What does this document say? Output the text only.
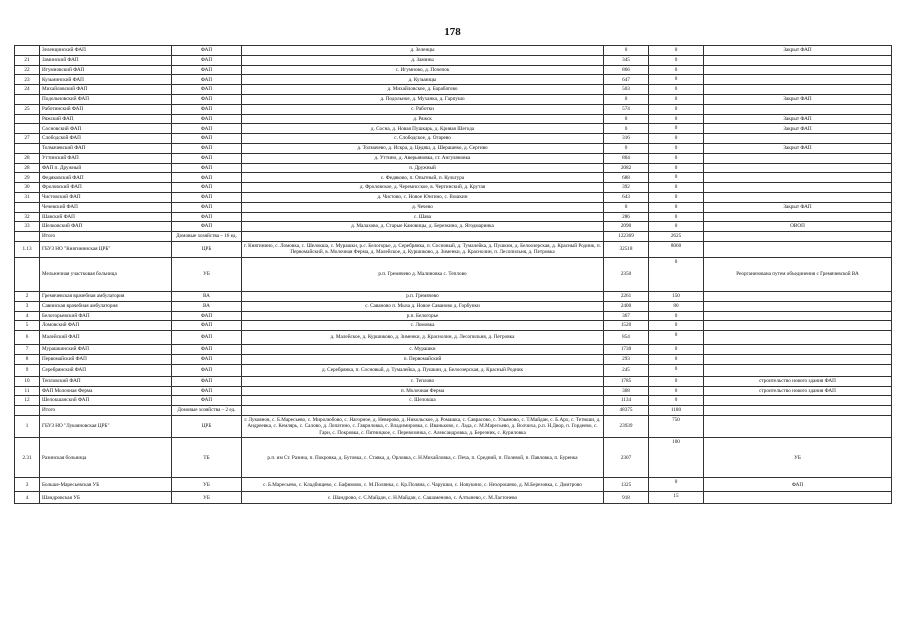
178
	Зеленцинский ФАП	ФАП	д. Зеленцы	0	0	Закрыт ФАП
21	Заминский ФАП	ФАП	д. Замины	345	0	
22	Игумновский ФАП	ФАП	с. Игумново, д. Почепок	866	0	
23	Кузьминский ФАП	ФАП	д. Кузьмицы	647	0	
24	Михайловский ФАП	ФАП	д. Михайловское, д. Барабатово	503	0	
	Подольновский ФАП	ФАП	д. Подольное, д. Муханка, д. Гарпушо	0	0	Закрыт ФАП
25	Работинский ФАП	ФАП	с. Работки	574	0	
	Ряжский ФАП	ФАП	д. Ряжск	0	0	Закрыт ФАП
	Сосновский ФАП	ФАП	д. Сосна, д. Новая Пушкарь, д. Кривая Шегода	0	0	Закрыт ФАП
27	Слободской ФАП	ФАП	с. Слободское, д. Огарево	316	0	
	Толмачевский ФАП	ФАП	д. Толмачево, д. Искра, д. Цедяш, д. Шерашево, д. Сергиво	0	0	Закрыт ФАП
28	Уттинский ФАП	ФАП	д. Уттино, д. Аверьяновка, ст. Ангуляновка	804	0	
28	ФАП п. Дружный	ФАП	п. Дружный	2082	0	
29	Федяковский ФАП	ФАП	с. Федяково, п. Опытный, п. Культура	688	0	
30	Фроловский ФАП	ФАП	д. Фроловское, д. Черемисское, в. Чертинский, д. Крутая	392	0	
31	Чистовский ФАП	ФАП	д. Чистово, с. Новое Юнгино, с. Вошкин	643	0	
	Чечевский ФАП	ФАП	д. Чечево	0	0	Закрыт ФАП
32	Шавский ФАП	ФАП	с. Шава	286	0	
33	Шелковский ФАП	ФАП	д. Малахово, д. Старые Кановицы, д. Березкино, д. Ягодмаринка	2090	0	ОВОП
	Итого	Домовые хозяйства – 16 ед.		122369	2625	
1.13	ГБУЗ НО "Княгининская ЦРБ"	ЦРБ	г. Княгинино, с. Ломовка, с. Шелокша, с. Мурашки, р.с. Белогорье, д. Серебрянка, п. Сосновый, д. Тумалейка, д. Пушкин, д. Белоозерская, д. Красный Родник, п. Первомайский, в. Молочная Ферма, д. Малейское, д. Куршиково, д. Зименки, д. Краснолин, п. Лесопильня, д. Петровка	32518	8060	
	Мельничная участковая больница	УБ	р.п. Гремячево д. Малиновка с. Теплово	2350	0	Реорганизована путем объединения с Гремячевской ВА
2	Гремячевская врачебная амбулатория	ВА	р.п. Гремячево	2261	150	
3	Савинская врачебная амбулатория	ВА	с. Саваново п. Мыза д. Новое Саваново д. Горбунки	2400	80	
4	Белогорьевский ФАП	ФАП	р.п. Белогорье	367	0	
5	Ломовский ФАП	ФАП	с. Ломовка	1520	0	
6	Малейский ФАП	ФАП	д. Малейское, д. Куршиково, д. Зименки, д. Краснолин, д. Лесопильня, д. Петровка	854	0	
7	Мурашкинский ФАП	ФАП	с. Мурашки	1730	0	
8	Первомайский ФАП	ФАП	п. Первомайский	293	0	
9	Серебрянский ФАП	ФАП	д. Серебрянка, п. Сосновый, д. Тумалейка, д. Пушкин, д. Белоозерская, д. Красный Родник	245	0	
10	Тепловский ФАП	ФАП	с. Теплово	1785	0	строительство нового здания ФАП
11	ФАП Молочная Ферма	ФАП	п. Молочная Ферма	308	0	строительство нового здания ФАП
12	Шелокшанский ФАП	ФАП	с. Шелокша	1134	0	
	Итого	Домовые хозяйства – 2 ед.		48375	1180	
1	ГБУЗ НО "Лукояновская ЦРБ"	ЦРБ	г. Лукоянов, с. Б.Маресьево, с. Миролюбово, с. Нагорное, д. Неверово, д. Никольское, д. Ромашка, с. Саврасово, с. Ульяново, с. Т.Майдан, с. Б.Арх, с. Тетюши, д. Андреевка, с. Кемлярь, с. Салово, д. Лопатино, с. Гавриловка, с. Владимировка, с. Иваньково, с. Лада, с. М.Маресьево, д. Волчиха, р.п. Н.Двор, п. Гордеево, с. Гари, с. Покровка, с. Пятницкое, с. Перевозинка, с. Александровка, д. Березник, с. Куриловка	23939	750	
2.31	Разинская больница	ТБ	р.п. им Ст. Разина, п. Покровка, д. Бутовка, с. Ставка, д. Орловка, с. Н.Михайловка, с. Печа, п. Средний, п. Полевой, п. Павловка, п. Буренка	2307	100	УБ
3	Больше-Маресьевская УБ	УБ	с. Б.Маресьево, с. Кладбищево, с. Бафимово, с. М.Полянка, с. Кр.Поляна, с. Чарушки, с. Новукино, с. Нехорошево, д. М.Березовка, с. Дмитрово	1325	0	ФАП
4	Шандровская УБ	УБ	с. Шандрово, с. С.Майдан, с. Н.Майдан, с. Сашаменово, с. Алтынево, с. М.Ластонево	918	15	
